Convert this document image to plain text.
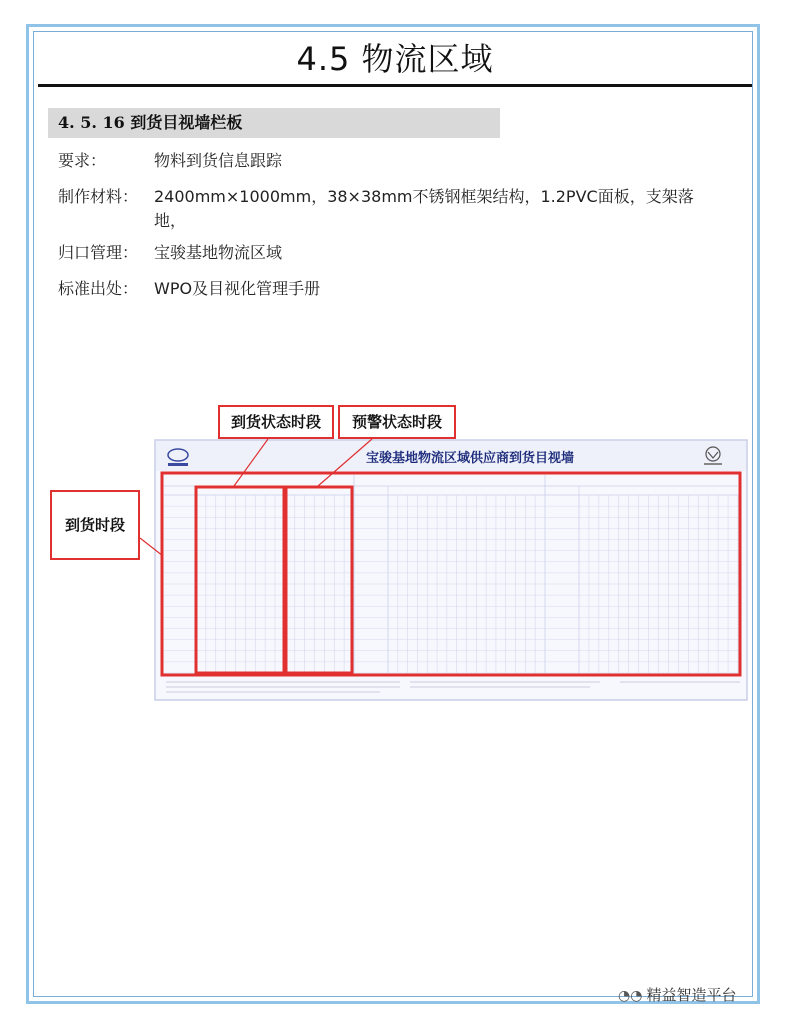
4.5 物流区域
4. 5. 16 到货目视墙栏板
要求：	物料到货信息跟踪
制作材料： 2400mm×1000mm，38×38mm不锈钢框架结构，1.2PVC面板，支架落地，
归口管理： 宝骏基地物流区域
标准出处： WPO及目视化管理手册
宝骏基地物流区域供应商到货目视墙
到货状态时段	预警状态时段
到货时段
◔◔ 精益智造平台
